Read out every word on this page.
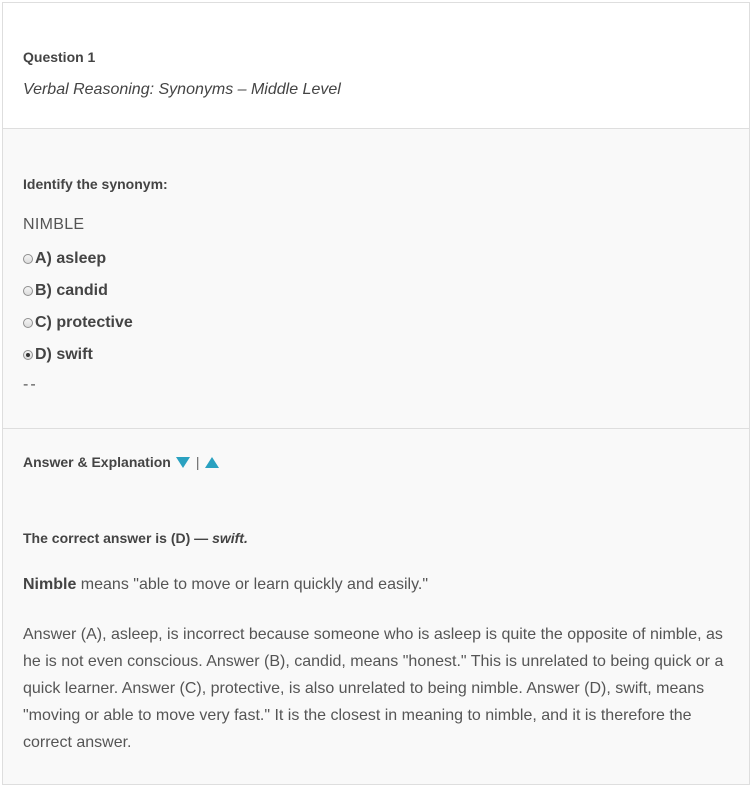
Question 1
Verbal Reasoning: Synonyms – Middle Level
Identify the synonym:
NIMBLE
A) asleep
B) candid
C) protective
D) swift
--
Answer & Explanation |
The correct answer is (D) — swift.
Nimble means "able to move or learn quickly and easily."
Answer (A), asleep, is incorrect because someone who is asleep is quite the opposite of nimble, as he is not even conscious. Answer (B), candid, means "honest." This is unrelated to being quick or a quick learner. Answer (C), protective, is also unrelated to being nimble. Answer (D), swift, means "moving or able to move very fast." It is the closest in meaning to nimble, and it is therefore the correct answer.
